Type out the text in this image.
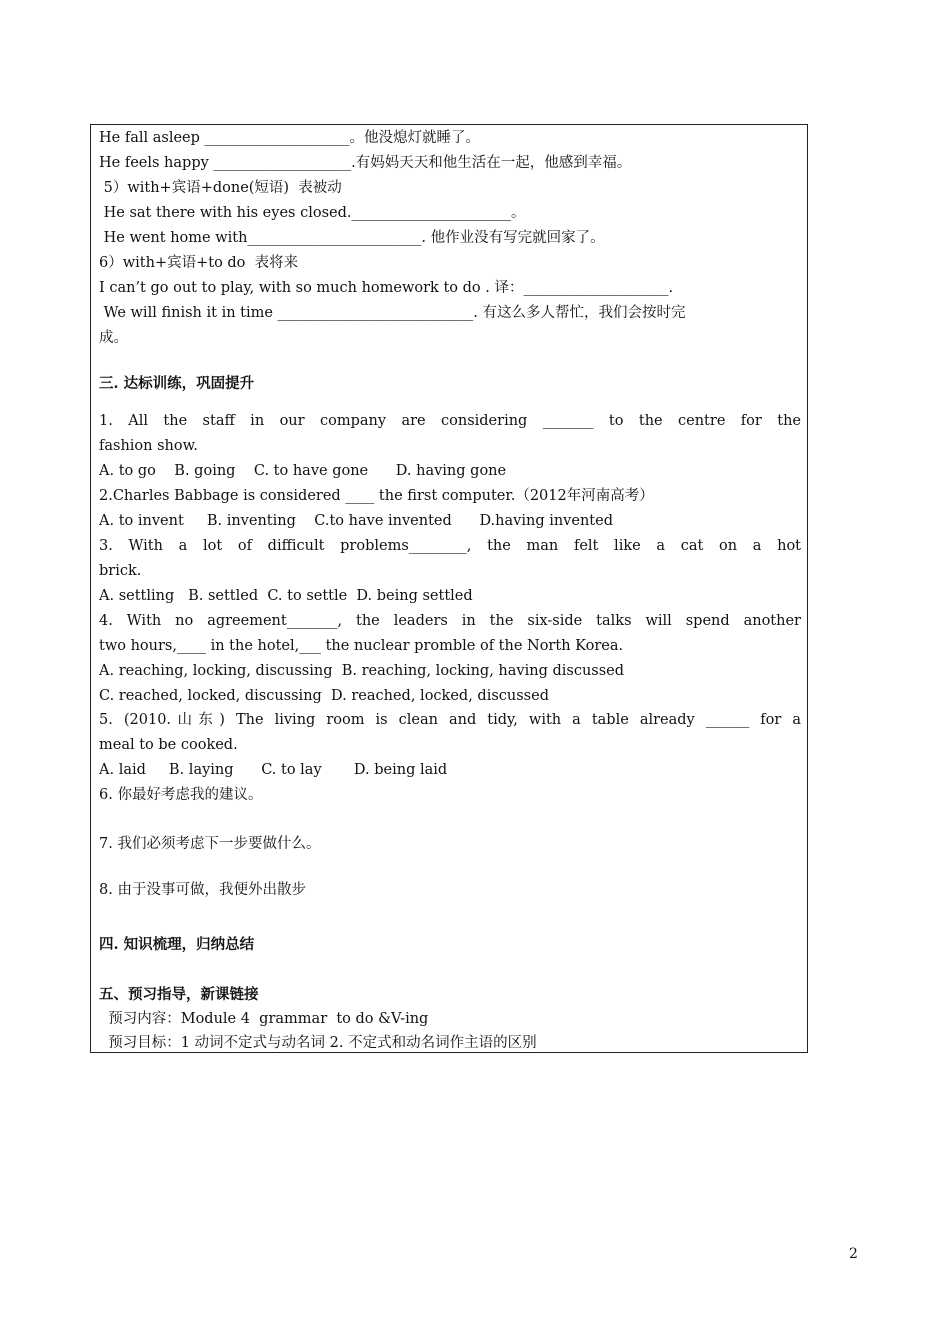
He fall asleep ____________________。他没熄灯就睡了。
He feels happy ___________________.有妈妈天天和他生活在一起，他感到幸福。
5）with+宾语+done(短语)  表被动
He sat there with his eyes closed.______________________。
He went home with________________________. 他作业没有写完就回家了。
6）with+宾语+to do  表将来
I can’t go out to play, with so much homework to do . 译：____________________.
We will finish it in time ___________________________. 有这么多人帮忙，我们会按时完
成。
三. 达标训练，巩固提升
1. All the staff in our company are considering _______ to the centre for the
fashion show.
A. to go    B. going    C. to have gone      D. having gone
2.Charles Babbage is considered ____ the first computer.（2012年河南高考）
A. to invent     B. inventing    C.to have invented      D.having invented
3. With a lot of difficult problems________, the man felt like a cat on a hot
brick.
A. settling   B. settled  C. to settle  D. being settled
4. With no agreement_______, the leaders in the six-side talks will spend another
two hours,____ in the hotel,___ the nuclear promble of the North Korea.
A. reaching, locking, discussing  B. reaching, locking, having discussed
C. reached, locked, discussing  D. reached, locked, discussed
5. (2010.山东) The living room is clean and tidy, with a table already ______ for a
meal to be cooked.
A. laid     B. laying      C. to lay       D. being laid
6. 你最好考虑我的建议。
7. 我们必须考虑下一步要做什么。
8. 由于没事可做，我便外出散步
四. 知识梳理，归纳总结
五、预习指导，新课链接
预习内容：Module 4  grammar  to do &V-ing
预习目标：1 动词不定式与动名词 2. 不定式和动名词作主语的区别
2
